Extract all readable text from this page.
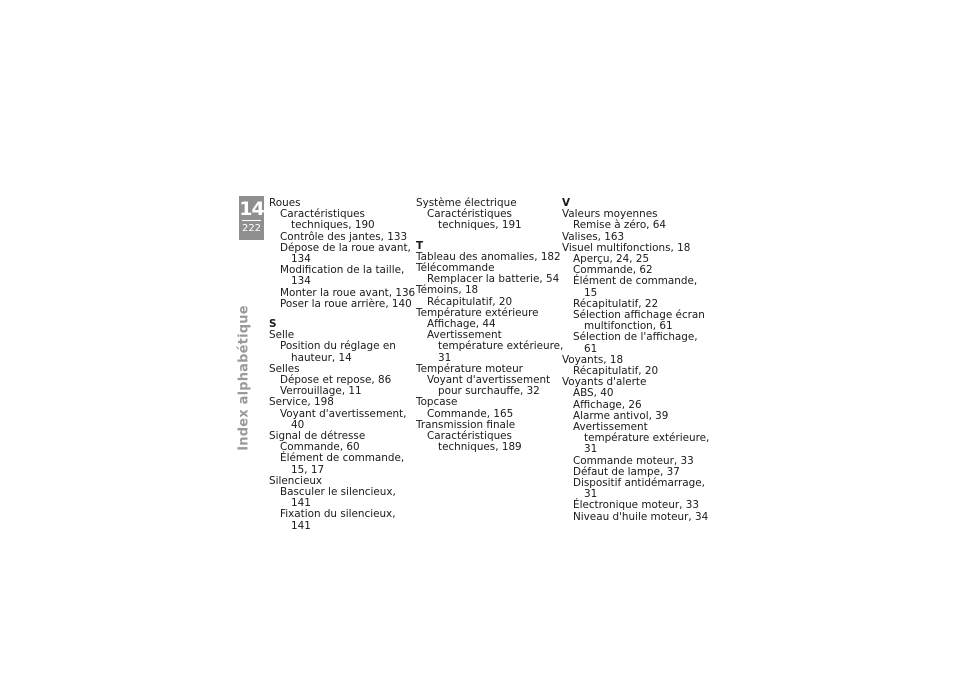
14
222
Index alphabétique
Roues
Caractéristiques techniques, 190
Contrôle des jantes, 133
Dépose de la roue avant, 134
Modification de la taille, 134
Monter la roue avant, 136
Poser la roue arrière, 140
S
Selle
Position du réglage en hauteur, 14
Selles
Dépose et repose, 86
Verrouillage, 11
Service, 198
Voyant d'avertissement, 40
Signal de détresse
Commande, 60
Élément de commande, 15, 17
Silencieux
Basculer le silencieux, 141
Fixation du silencieux, 141
Système électrique
Caractéristiques techniques, 191
T
Tableau des anomalies, 182
Télécommande
Remplacer la batterie, 54
Témoins, 18
Récapitulatif, 20
Température extérieure
Affichage, 44
Avertissement température extérieure, 31
Température moteur
Voyant d'avertissement pour surchauffe, 32
Topcase
Commande, 165
Transmission finale
Caractéristiques techniques, 189
V
Valeurs moyennes
Remise à zéro, 64
Valises, 163
Visuel multifonctions, 18
Aperçu, 24, 25
Commande, 62
Élément de commande, 15
Récapitulatif, 22
Sélection affichage écran multifonction, 61
Sélection de l'affichage, 61
Voyants, 18
Récapitulatif, 20
Voyants d'alerte
ABS, 40
Affichage, 26
Alarme antivol, 39
Avertissement température extérieure, 31
Commande moteur, 33
Défaut de lampe, 37
Dispositif antidémarrage, 31
Électronique moteur, 33
Niveau d'huile moteur, 34
